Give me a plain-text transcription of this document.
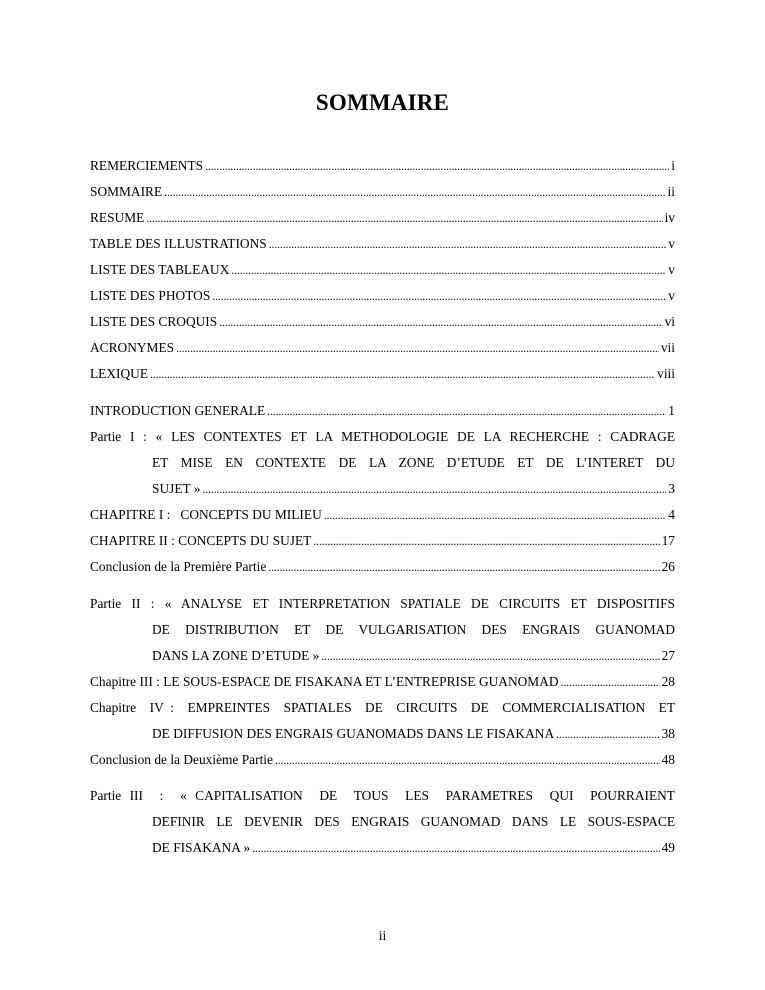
SOMMAIRE
REMERCIEMENTS . . .	i
SOMMAIRE . . .	ii
RESUME . . .	iv
TABLE DES ILLUSTRATIONS . . .	v
LISTE DES TABLEAUX . . .	v
LISTE DES PHOTOS . . .	v
LISTE DES CROQUIS . . .	vi
ACRONYMES . . .	vii
LEXIQUE . . .	viii
INTRODUCTION GENERALE . . .	1
Partie I : « LES CONTEXTES ET LA METHODOLOGIE DE LA RECHERCHE : CADRAGE
ET MISE EN CONTEXTE DE LA ZONE D’ETUDE ET DE L’INTERET DU
SUJET » . . .	3
CHAPITRE I :   CONCEPTS DU MILIEU . . .	4
CHAPITRE II : CONCEPTS DU SUJET . . .	17
Conclusion de la Première Partie . . .	26
Partie II : « ANALYSE ET INTERPRETATION SPATIALE DE CIRCUITS ET DISPOSITIFS
DE DISTRIBUTION ET DE VULGARISATION DES ENGRAIS GUANOMAD
DANS LA ZONE D’ETUDE » . . .	27
Chapitre III : LE SOUS-ESPACE DE FISAKANA ET L’ENTREPRISE GUANOMAD . . .	28
Chapitre  IV :  EMPREINTES  SPATIALES  DE  CIRCUITS  DE  COMMERCIALISATION  ET
DE DIFFUSION DES ENGRAIS GUANOMADS DANS LE FISAKANA . . .	38
Conclusion de la Deuxième Partie . . .	48
Partie III  :  « CAPITALISATION  DE  TOUS  LES  PARAMETRES  QUI  POURRAIENT
DEFINIR LE DEVENIR DES ENGRAIS GUANOMAD DANS LE SOUS-ESPACE
DE FISAKANA » . . .	49
ii
